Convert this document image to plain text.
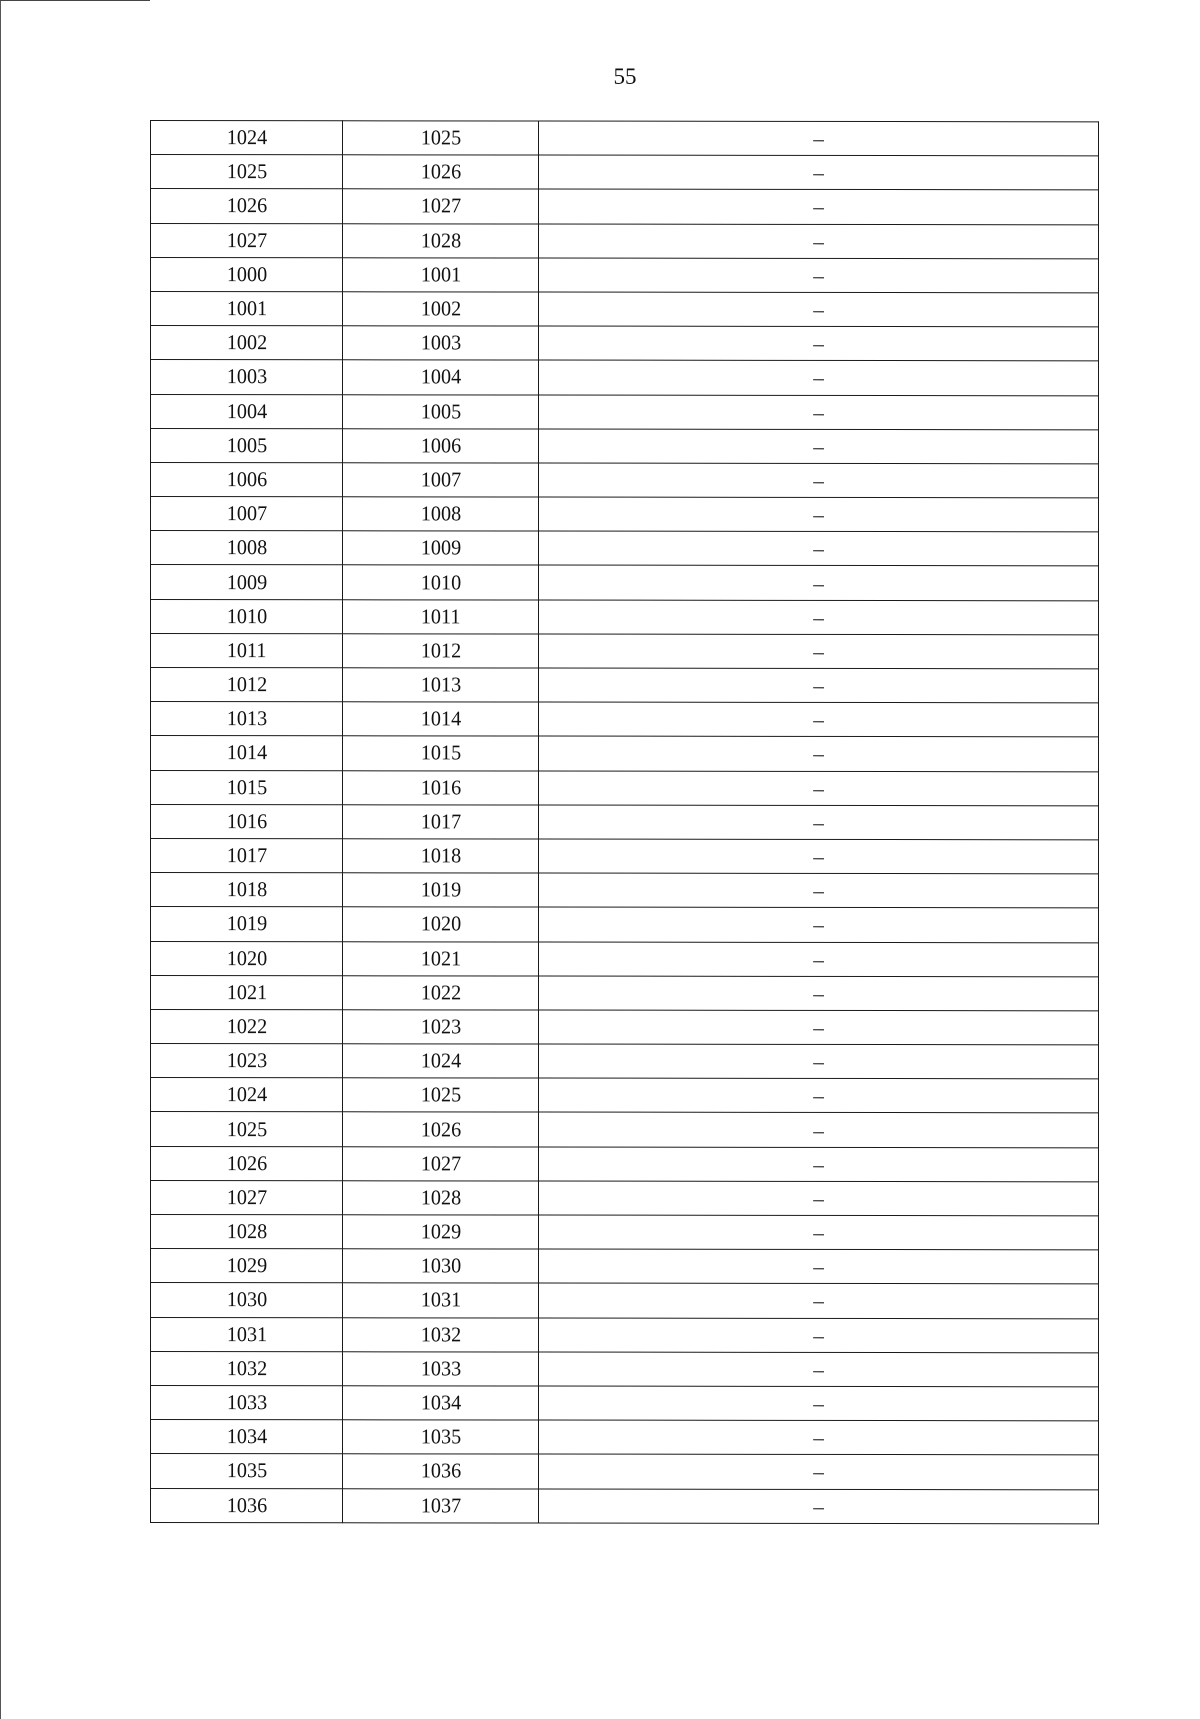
55
1024	1025	–
1025	1026	–
1026	1027	–
1027	1028	–
1000	1001	–
1001	1002	–
1002	1003	–
1003	1004	–
1004	1005	–
1005	1006	–
1006	1007	–
1007	1008	–
1008	1009	–
1009	1010	–
1010	1011	–
1011	1012	–
1012	1013	–
1013	1014	–
1014	1015	–
1015	1016	–
1016	1017	–
1017	1018	–
1018	1019	–
1019	1020	–
1020	1021	–
1021	1022	–
1022	1023	–
1023	1024	–
1024	1025	–
1025	1026	–
1026	1027	–
1027	1028	–
1028	1029	–
1029	1030	–
1030	1031	–
1031	1032	–
1032	1033	–
1033	1034	–
1034	1035	–
1035	1036	–
1036	1037	–
